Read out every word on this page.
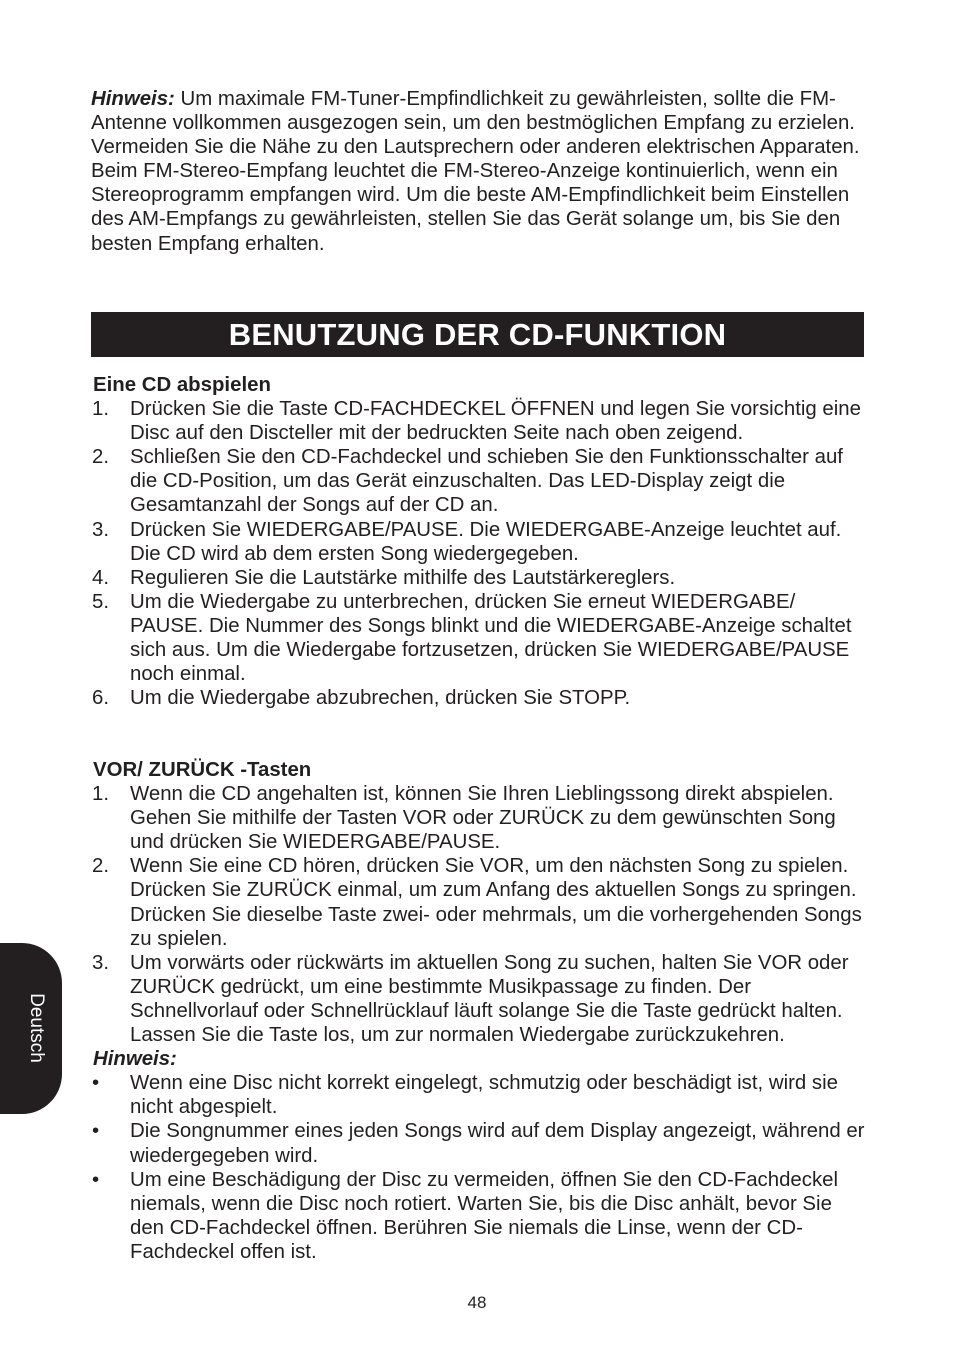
Hinweis: Um maximale FM-Tuner-Empfindlichkeit zu gewährleisten, sollte die FM-Antenne vollkommen ausgezogen sein, um den bestmöglichen Empfang zu erzielen. Vermeiden Sie die Nähe zu den Lautsprechern oder anderen elektrischen Apparaten. Beim FM-Stereo-Empfang leuchtet die FM-Stereo-Anzeige kontinuierlich, wenn ein Stereoprogramm empfangen wird. Um die beste AM-Empfindlichkeit beim Einstellen des AM-Empfangs zu gewährleisten, stellen Sie das Gerät solange um, bis Sie den besten Empfang erhalten.

BENUTZUNG DER CD-FUNKTION

Eine CD abspielen

1. Drücken Sie die Taste CD-FACHDECKEL ÖFFNEN und legen Sie vorsichtig eine Disc auf den Discteller mit der bedruckten Seite nach oben zeigend.
2. Schließen Sie den CD-Fachdeckel und schieben Sie den Funktionsschalter auf die CD-Position, um das Gerät einzuschalten. Das LED-Display zeigt die Gesamtanzahl der Songs auf der CD an.
3. Drücken Sie WIEDERGABE/PAUSE. Die WIEDERGABE-Anzeige leuchtet auf. Die CD wird ab dem ersten Song wiedergegeben.
4. Regulieren Sie die Lautstärke mithilfe des Lautstärkereglers.
5. Um die Wiedergabe zu unterbrechen, drücken Sie erneut WIEDERGABE/ PAUSE. Die Nummer des Songs blinkt und die WIEDERGABE-Anzeige schaltet sich aus. Um die Wiedergabe fortzusetzen, drücken Sie WIEDERGABE/PAUSE noch einmal.
6. Um die Wiedergabe abzubrechen, drücken Sie STOPP.

VOR/ ZURÜCK -Tasten

1. Wenn die CD angehalten ist, können Sie Ihren Lieblingssong direkt abspielen. Gehen Sie mithilfe der Tasten VOR oder ZURÜCK zu dem gewünschten Song und drücken Sie WIEDERGABE/PAUSE.
2. Wenn Sie eine CD hören, drücken Sie VOR, um den nächsten Song zu spielen. Drücken Sie ZURÜCK einmal, um zum Anfang des aktuellen Songs zu springen. Drücken Sie dieselbe Taste zwei- oder mehrmals, um die vorhergehenden Songs zu spielen.
3. Um vorwärts oder rückwärts im aktuellen Song zu suchen, halten Sie VOR oder ZURÜCK gedrückt, um eine bestimmte Musikpassage zu finden. Der Schnellvorlauf oder Schnellrücklauf läuft solange Sie die Taste gedrückt halten. Lassen Sie die Taste los, um zur normalen Wiedergabe zurückzukehren.

Hinweis:

• Wenn eine Disc nicht korrekt eingelegt, schmutzig oder beschädigt ist, wird sie nicht abgespielt.
• Die Songnummer eines jeden Songs wird auf dem Display angezeigt, während er wiedergegeben wird.
• Um eine Beschädigung der Disc zu vermeiden, öffnen Sie den CD-Fachdeckel niemals, wenn die Disc noch rotiert. Warten Sie, bis die Disc anhält, bevor Sie den CD-Fachdeckel öffnen. Berühren Sie niemals die Linse, wenn der CD-Fachdeckel offen ist.
Deutsch
48
